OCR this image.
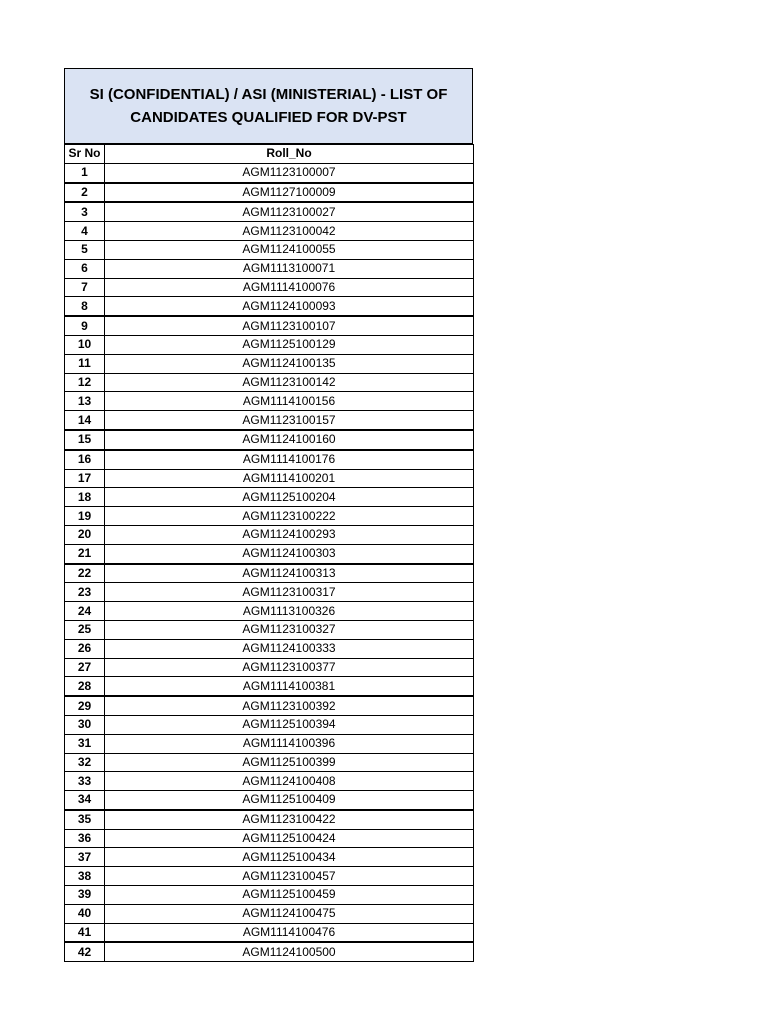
SI (CONFIDENTIAL) / ASI (MINISTERIAL) - LIST OF CANDIDATES QUALIFIED FOR DV-PST
Sr No	Roll_No
1	AGM1123100007
2	AGM1127100009
3	AGM1123100027
4	AGM1123100042
5	AGM1124100055
6	AGM1113100071
7	AGM1114100076
8	AGM1124100093
9	AGM1123100107
10	AGM1125100129
11	AGM1124100135
12	AGM1123100142
13	AGM1114100156
14	AGM1123100157
15	AGM1124100160
16	AGM1114100176
17	AGM1114100201
18	AGM1125100204
19	AGM1123100222
20	AGM1124100293
21	AGM1124100303
22	AGM1124100313
23	AGM1123100317
24	AGM1113100326
25	AGM1123100327
26	AGM1124100333
27	AGM1123100377
28	AGM1114100381
29	AGM1123100392
30	AGM1125100394
31	AGM1114100396
32	AGM1125100399
33	AGM1124100408
34	AGM1125100409
35	AGM1123100422
36	AGM1125100424
37	AGM1125100434
38	AGM1123100457
39	AGM1125100459
40	AGM1124100475
41	AGM1114100476
42	AGM1124100500
